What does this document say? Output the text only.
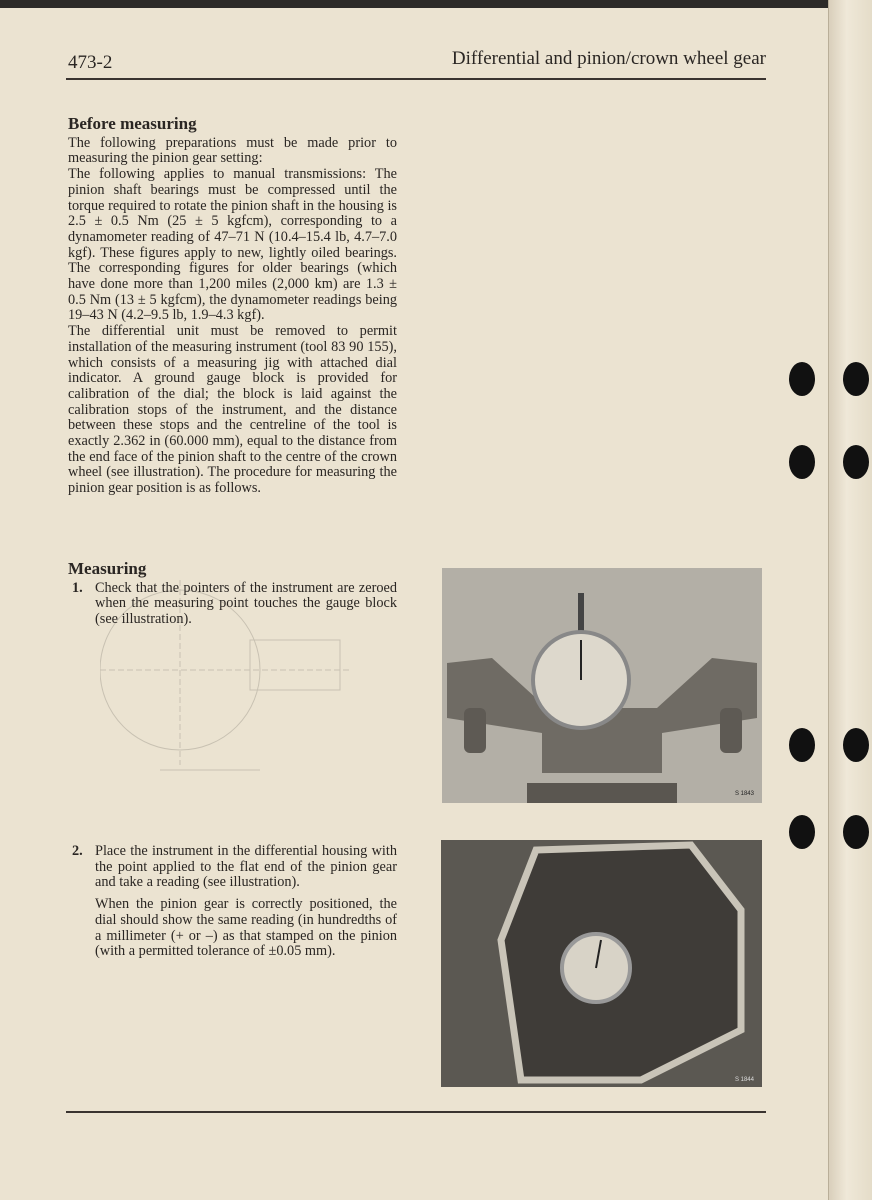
473-2	Differential and pinion/crown wheel gear
Before measuring

The following preparations must be made prior to measuring the pinion gear setting:

The following applies to manual transmissions: The pinion shaft bearings must be compressed until the torque required to rotate the pinion shaft in the housing is 2.5 ± 0.5 Nm (25 ± 5 kgfcm), corresponding to a dynamometer reading of 47–71 N (10.4–15.4 lb, 4.7–7.0 kgf). These figures apply to new, lightly oiled bearings. The corresponding figures for older bearings (which have done more than 1,200 miles (2,000 km) are 1.3 ± 0.5 Nm (13 ± 5 kgfcm), the dynamometer readings being 19–43 N (4.2–9.5 lb, 1.9–4.3 kgf).

The differential unit must be removed to permit installation of the measuring instrument (tool 83 90 155), which consists of a measuring jig with attached dial indicator. A ground gauge block is provided for calibration of the dial; the block is laid against the calibration stops of the instrument, and the distance between these stops and the centreline of the tool is exactly 2.362 in (60.000 mm), equal to the distance from the end face of the pinion shaft to the centre of the crown wheel (see illustration). The procedure for measuring the pinion gear position is as follows.

Measuring
1. Check that the pointers of the instrument are zeroed when the measuring point touches the gauge block (see illustration).
2. Place the instrument in the differential housing with the point applied to the flat end of the pinion gear and take a reading (see illustration).

When the pinion gear is correctly positioned, the dial should show the same reading (in hundredths of a millimeter (+ or –) as that stamped on the pinion (with a permitted tolerance of ±0.05 mm).

S 1843
S 1844
